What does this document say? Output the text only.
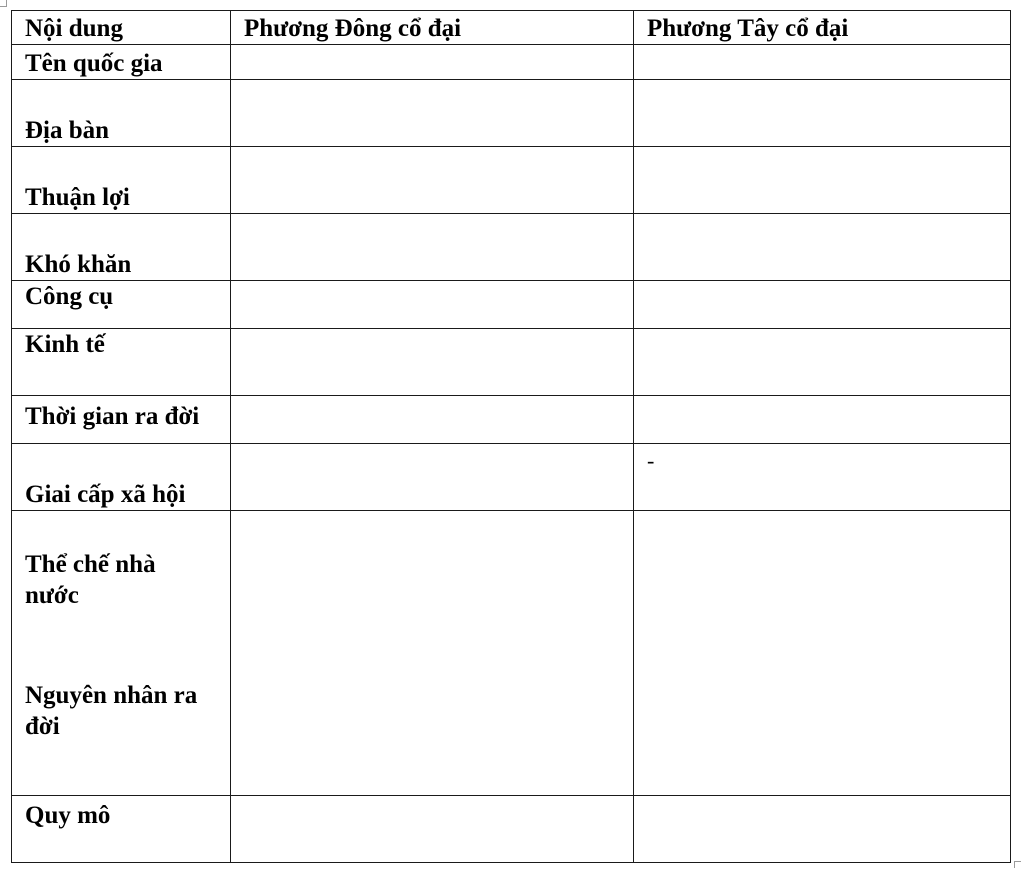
Nội dung	Phương Đông cổ đại	Phương Tây cổ đại
Tên quốc gia		
Địa bàn		
Thuận lợi		
Khó khăn		
Công cụ		
Kinh tế		
Thời gian ra đời		
Giai cấp xã hội		-

Thể chế nhà nước
Nguyên nhân ra đời		

Quy mô		
